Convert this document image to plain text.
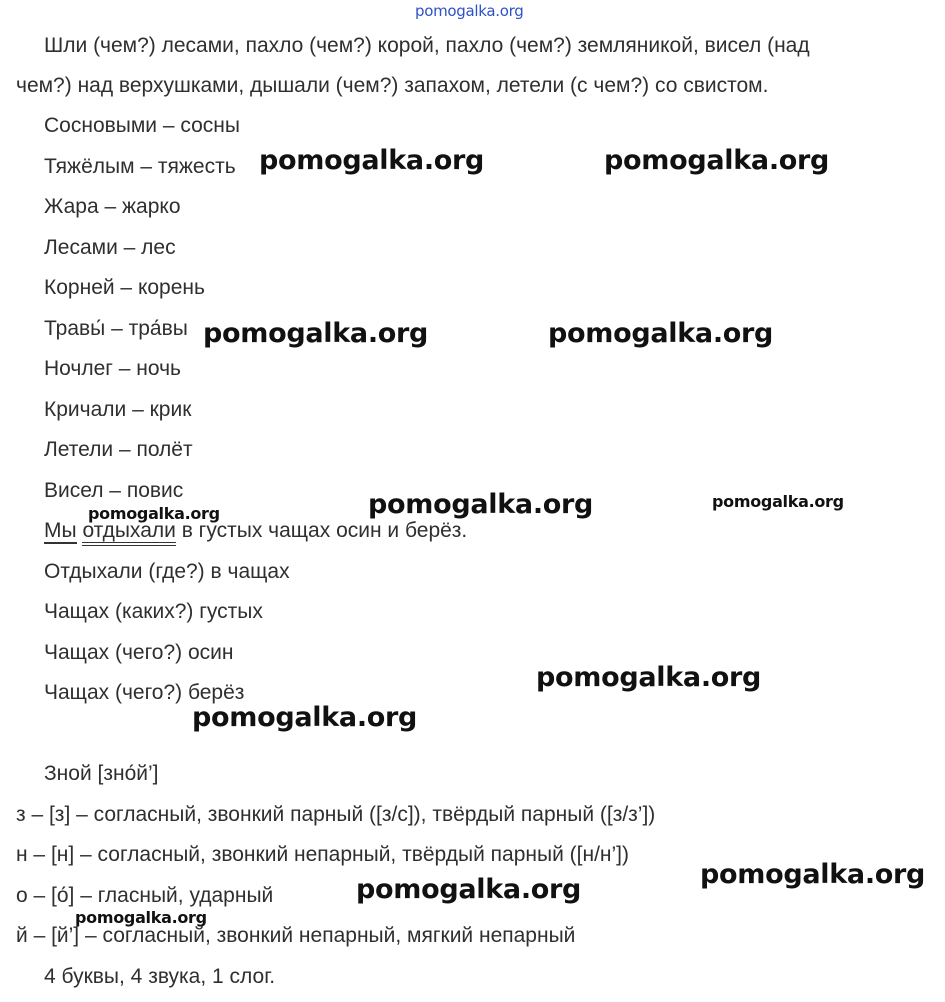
pomogalka.org
Шли (чем?) лесами, пахло (чем?) корой, пахло (чем?) земляникой, висел (над
чем?) над верхушками, дышали (чем?) запахом, летели (с чем?) со свистом.
Сосновыми – сосны
Тяжёлым – тяжесть
Жара – жарко
Лесами – лес
Корней – корень
Травы́ – тра́вы
Ночлег – ночь
Кричали – крик
Летели – полёт
Висел – повис
Мы отдыхали в густых чащах осин и берёз.
Отдыхали (где?) в чащах
Чащах (каких?) густых
Чащах (чего?) осин
Чащах (чего?) берёз
Зной [зно́й’]
з – [з] – согласный, звонкий парный ([з/с]), твёрдый парный ([з/з’])
н – [н] – согласный, звонкий непарный, твёрдый парный ([н/н’])
о – [о́] – гласный, ударный
й – [й’] – согласный, звонкий непарный, мягкий непарный
4 буквы, 4 звука, 1 слог.
pomogalka.org	pomogalka.org
pomogalka.org	pomogalka.org
pomogalka.org	pomogalka.org
pomogalka.org
pomogalka.org
pomogalka.org
pomogalka.org	pomogalka.org
pomogalka.org
